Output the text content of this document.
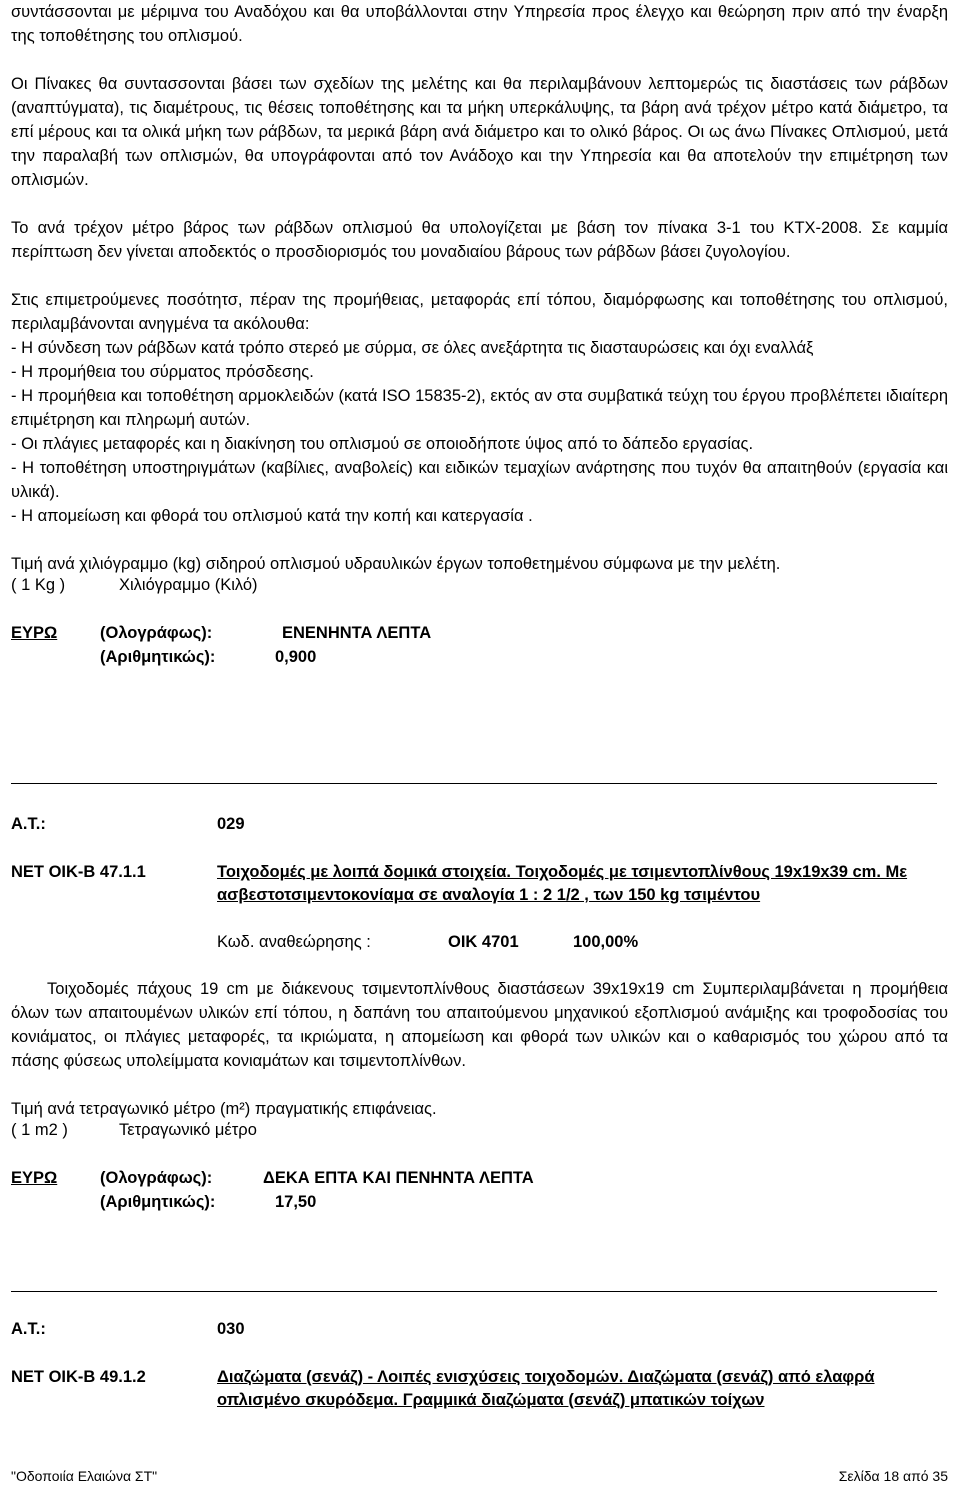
συντάσσονται με μέριμνα του Αναδόχου και θα υποβάλλονται στην Υπηρεσία προς έλεγχο και θεώρηση πριν από την έναρξη της τοποθέτησης του οπλισμού.

Οι Πίνακες θα συντασσονται βάσει των σχεδίων της μελέτης και θα περιλαμβάνουν λεπτομερώς τις διαστάσεις των ράβδων (αναπτύγματα), τις διαμέτρους, τις θέσεις τοποθέτησης και τα μήκη υπερκάλυψης, τα βάρη ανά τρέχον μέτρο κατά διάμετρο, τα επί μέρους και τα ολικά μήκη των ράβδων, τα μερικά βάρη ανά διάμετρο και το ολικό βάρος. Οι ως άνω Πίνακες Οπλισμού, μετά την παραλαβή των οπλισμών, θα υπογράφονται από τον Ανάδοχο και την Υπηρεσία και θα αποτελούν την επιμέτρηση των οπλισμών.

Το ανά τρέχον μέτρο βάρος των ράβδων οπλισμού θα υπολογίζεται με βάση τον πίνακα 3-1 του ΚΤΧ-2008. Σε καμμία περίπτωση δεν γίνεται αποδεκτός ο προσδιορισμός του μοναδιαίου βάρους των ράβδων βάσει ζυγολογίου.

Στις επιμετρούμενες ποσότητσ, πέραν της προμήθειας, μεταφοράς επί τόπου, διαμόρφωσης και τοποθέτησης του οπλισμού, περιλαμβάνονται ανηγμένα τα ακόλουθα:

- Η σύνδεση των ράβδων κατά τρόπο στερεό με σύρμα, σε όλες ανεξάρτητα τις διασταυρώσεις και όχι εναλλάξ

- Η προμήθεια του σύρματος πρόσδεσης.

- Η προμήθεια και τοποθέτηση αρμοκλειδών (κατά ISO 15835-2), εκτός αν στα συμβατικά τεύχη του έργου προβλέπετει ιδιαίτερη επιμέτρηση και πληρωμή αυτών.

- Οι πλάγιες μεταφορές και η διακίνηση του οπλισμού σε οποιοδήποτε ύψος από το δάπεδο εργασίας.

- Η τοποθέτηση υποστηριγμάτων (καβίλιες, αναβολείς) και ειδικών τεμαχίων ανάρτησης που τυχόν θα απαιτηθούν (εργασία και υλικά).

- Η απομείωση και φθορά του οπλισμού κατά την κοπή και κατεργασία .

Τιμή ανά χιλιόγραμμο (kg) σιδηρού οπλισμού υδραυλικών έργων τοποθετημένου σύμφωνα με την μελέτη.

( 1 Kg )	Χιλιόγραμμο (Κιλό)
ΕΥΡΩ	(Ολογράφως):	ΕΝΕΝΗΝΤΑ ΛΕΠΤΑ
(Αριθμητικώς):	0,900
Α.Τ.:	029
ΝΕΤ ΟΙΚ-Β 47.1.1	Τοιχοδομές με λοιπά δομικά στοιχεία. Τοιχοδομές με τσιμεντοπλίνθους 19x19x39 cm. Με ασβεστοτσιμεντοκονίαμα σε αναλογία 1 : 2 1/2 , των 150 kg τσιμέντου
Κωδ. αναθεώρησης :	ΟΙΚ 4701	100,00%

Τοιχοδομές πάχους 19 cm με διάκενους τσιμεντοπλίνθους διαστάσεων 39x19x19 cm Συμπεριλαμβάνεται η προμήθεια όλων των απαιτουμένων υλικών επί τόπου, η δαπάνη του απαιτούμενου μηχανικού εξοπλισμού ανάμιξης και τροφοδοσίας του κονιάματος, οι πλάγιες μεταφορές, τα ικριώματα, η απομείωση και φθορά των υλικών και ο καθαρισμός του χώρου από τα πάσης φύσεως υπολείμματα κονιαμάτων και τσιμεντοπλίνθων.

Τιμή ανά τετραγωνικό μέτρο (m²) πραγματικής επιφάνειας.

( 1 m2 )	Τετραγωνικό μέτρο
ΕΥΡΩ	(Ολογράφως):	ΔΕΚΑ ΕΠΤΑ ΚΑΙ ΠΕΝΗΝΤΑ ΛΕΠΤΑ
(Αριθμητικώς):	17,50
Α.Τ.:	030
ΝΕΤ ΟΙΚ-Β 49.1.2	Διαζώματα (σενάζ) - Λοιπές ενισχύσεις τοιχοδομών. Διαζώματα (σενάζ) από ελαφρά οπλισμένο σκυρόδεμα. Γραμμικά διαζώματα (σενάζ) μπατικών τοίχων
"Οδοποιία Ελαιώνα ΣΤ"	Σελίδα 18 από 35
